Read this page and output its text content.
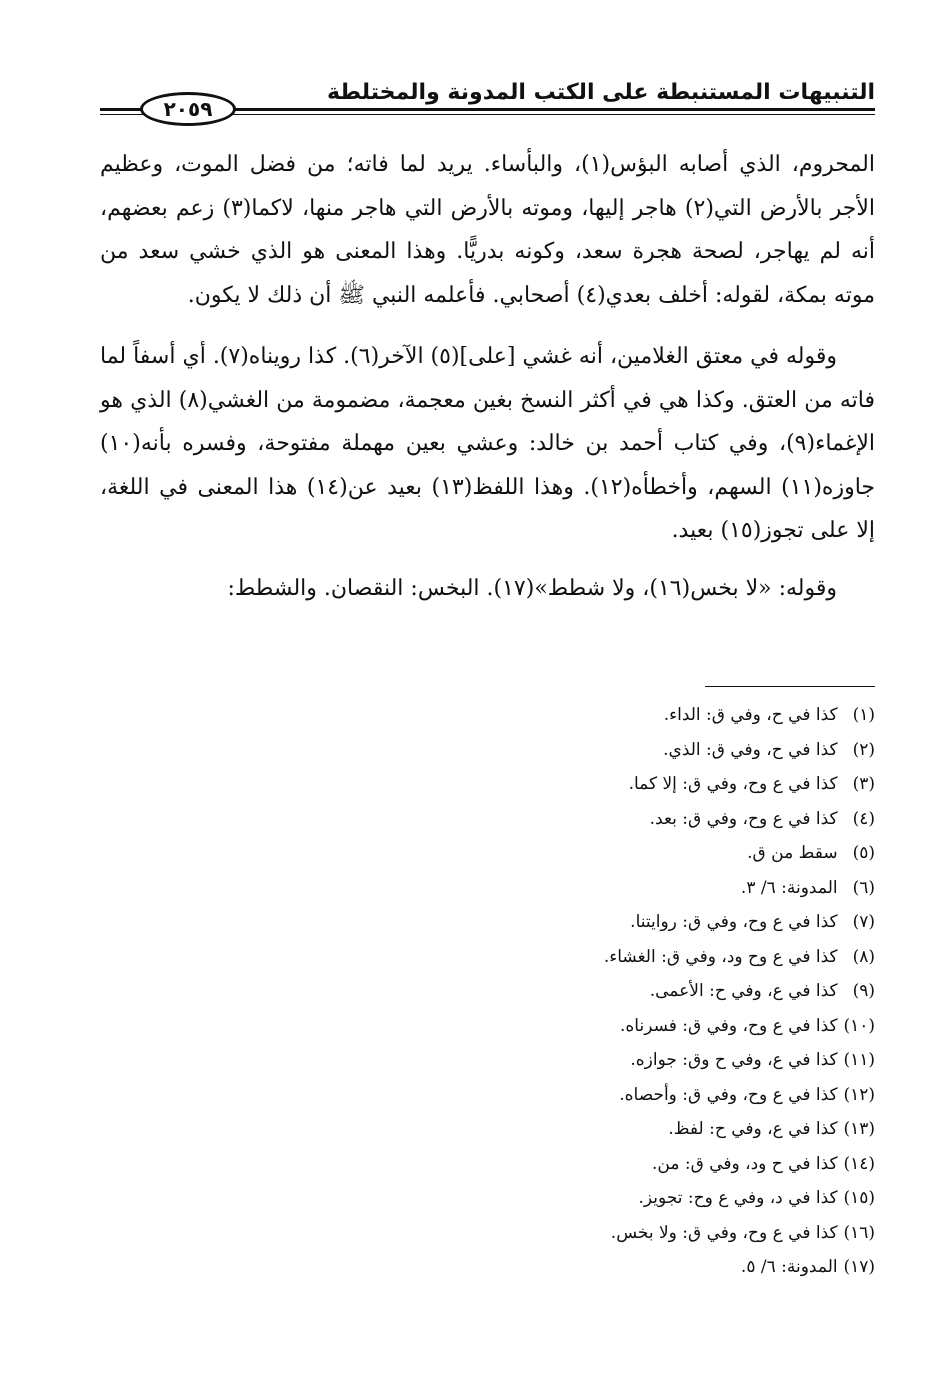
التنبيهات المستنبطة على الكتب المدونة والمختلطة
٢٠٥٩

المحروم، الذي أصابه البؤس(١)، والبأساء. يريد لما فاته؛ من فضل الموت، وعظيم الأجر بالأرض التي(٢) هاجر إليها، وموته بالأرض التي هاجر منها، لاكما(٣) زعم بعضهم، أنه لم يهاجر، لصحة هجرة سعد، وكونه بدريًّا. وهذا المعنى هو الذي خشي سعد من موته بمكة، لقوله: أخلف بعدي(٤) أصحابي. فأعلمه النبي ﷺ أن ذلك لا يكون.

وقوله في معتق الغلامين، أنه غشي [على](٥) الآخر(٦). كذا رويناه(٧). أي أسفاً لما فاته من العتق. وكذا هي في أكثر النسخ بغين معجمة، مضمومة من الغشي(٨) الذي هو الإغماء(٩)، وفي كتاب أحمد بن خالد: وعشي بعين مهملة مفتوحة، وفسره بأنه(١٠) جاوزه(١١) السهم، وأخطأه(١٢). وهذا اللفظ(١٣) بعيد عن(١٤) هذا المعنى في اللغة، إلا على تجوز(١٥) بعيد.

وقوله: «لا بخس(١٦)، ولا شطط»(١٧). البخس: النقصان. والشطط:

(١) كذا في ح، وفي ق: الداء.
(٢) كذا في ح، وفي ق: الذي.
(٣) كذا في ع وح، وفي ق: إلا كما.
(٤) كذا في ع وح، وفي ق: بعد.
(٥) سقط من ق.
(٦) المدونة: ٦/ ٣.
(٧) كذا في ع وح، وفي ق: روايتنا.
(٨) كذا في ع وح ود، وفي ق: الغشاء.
(٩) كذا في ع، وفي ح: الأعمى.
(١٠) كذا في ع وح، وفي ق: فسرناه.
(١١) كذا في ع، وفي ح وق: جوازه.
(١٢) كذا في ع وح، وفي ق: وأحصاه.
(١٣) كذا في ع، وفي ح: لفظ.
(١٤) كذا في ح ود، وفي ق: من.
(١٥) كذا في د، وفي ع وح: تجويز.
(١٦) كذا في ع وح، وفي ق: ولا بخس.
(١٧) المدونة: ٦/ ٥.
